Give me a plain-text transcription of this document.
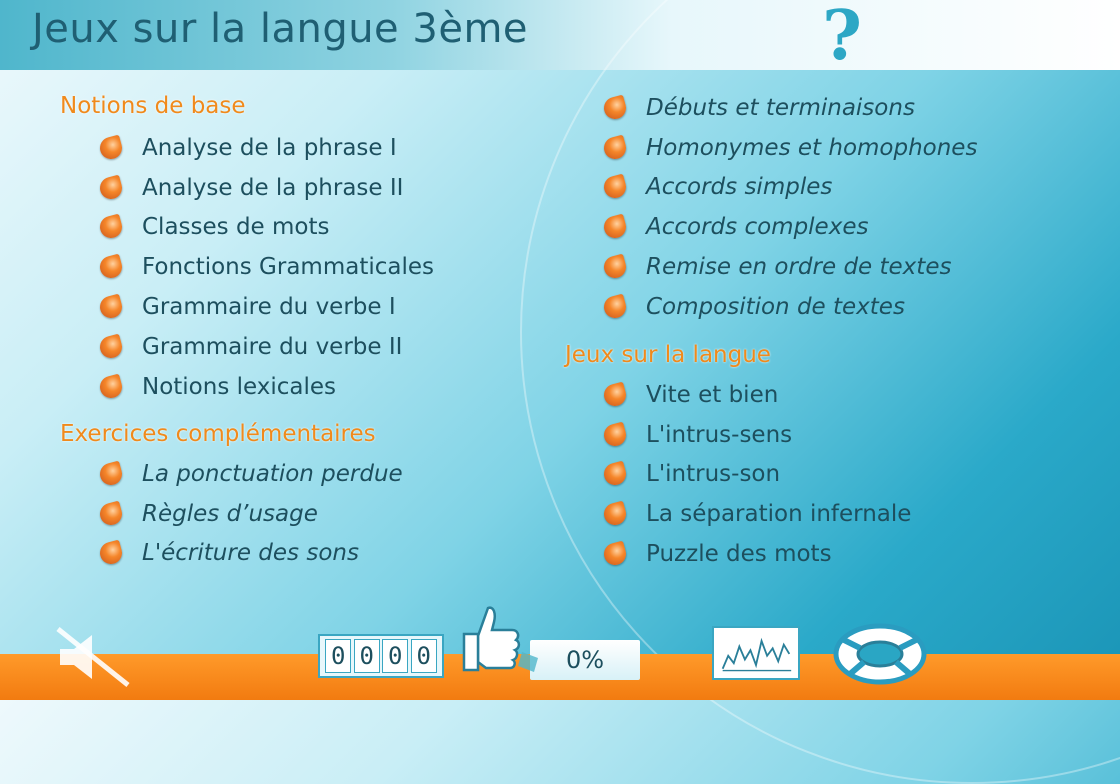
Jeux sur la langue 3ème	?
Notions de base
Analyse de la phrase I
Analyse de la phrase II
Classes de mots
Fonctions Grammaticales
Grammaire du verbe I
Grammaire du verbe II
Notions lexicales
Exercices complémentaires
La ponctuation perdue
Règles d’usage
L'écriture des sons
Débuts et terminaisons
Homonymes et homophones
Accords simples
Accords complexes
Remise en ordre de textes
Composition de textes
Jeux sur la langue
Vite et bien
L'intrus-sens
L'intrus-son
La séparation infernale
Puzzle des mots
0 0 0 0	0%
